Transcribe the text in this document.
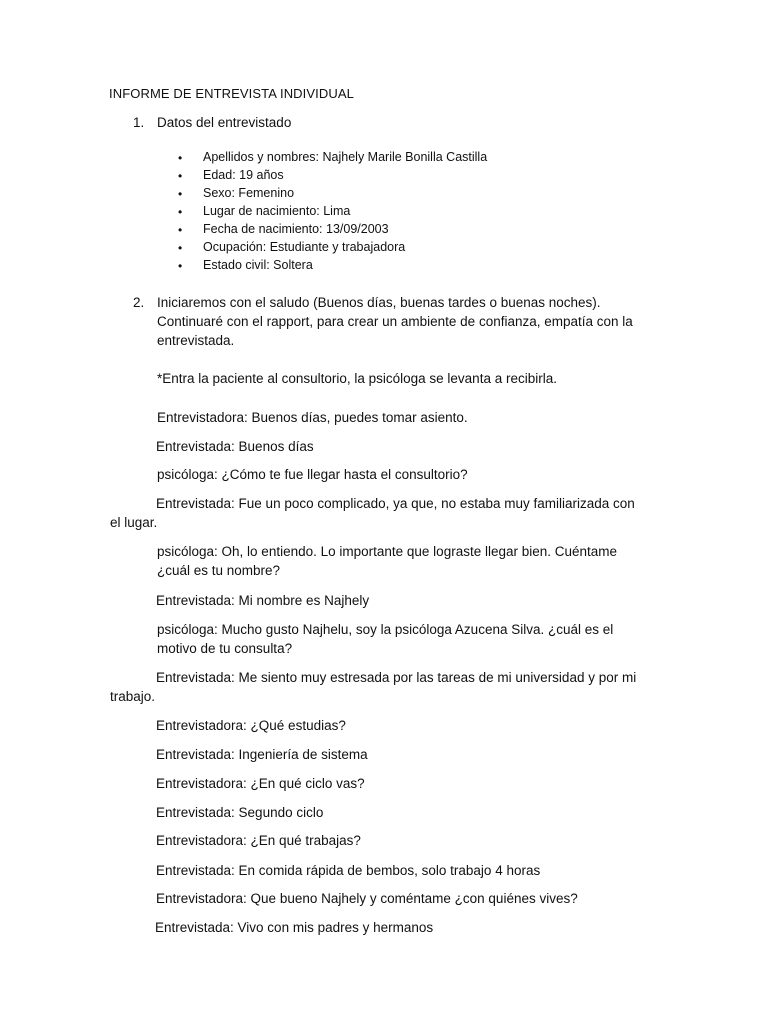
INFORME DE ENTREVISTA INDIVIDUAL
1. Datos del entrevistado
• Apellidos y nombres: Najhely Marile Bonilla Castilla
• Edad: 19 años
• Sexo: Femenino
• Lugar de nacimiento: Lima
• Fecha de nacimiento: 13/09/2003
• Ocupación: Estudiante y trabajadora
• Estado civil: Soltera
2. Iniciaremos con el saludo (Buenos días, buenas tardes o buenas noches).
Continuaré con el rapport, para crear un ambiente de confianza, empatía con la
entrevistada.
*Entra la paciente al consultorio, la psicóloga se levanta a recibirla.
Entrevistadora: Buenos días, puedes tomar asiento.
Entrevistada: Buenos días
psicóloga: ¿Cómo te fue llegar hasta el consultorio?
Entrevistada: Fue un poco complicado, ya que, no estaba muy familiarizada con
el lugar.
psicóloga: Oh, lo entiendo. Lo importante que lograste llegar bien. Cuéntame
¿cuál es tu nombre?
Entrevistada: Mi nombre es Najhely
psicóloga: Mucho gusto Najhelu, soy la psicóloga Azucena Silva. ¿cuál es el
motivo de tu consulta?
Entrevistada: Me siento muy estresada por las tareas de mi universidad y por mi
trabajo.
Entrevistadora: ¿Qué estudias?
Entrevistada: Ingeniería de sistema
Entrevistadora: ¿En qué ciclo vas?
Entrevistada: Segundo ciclo
Entrevistadora: ¿En qué trabajas?
Entrevistada: En comida rápida de bembos, solo trabajo 4 horas
Entrevistadora: Que bueno Najhely y coméntame ¿con quiénes vives?
Entrevistada: Vivo con mis padres y hermanos
